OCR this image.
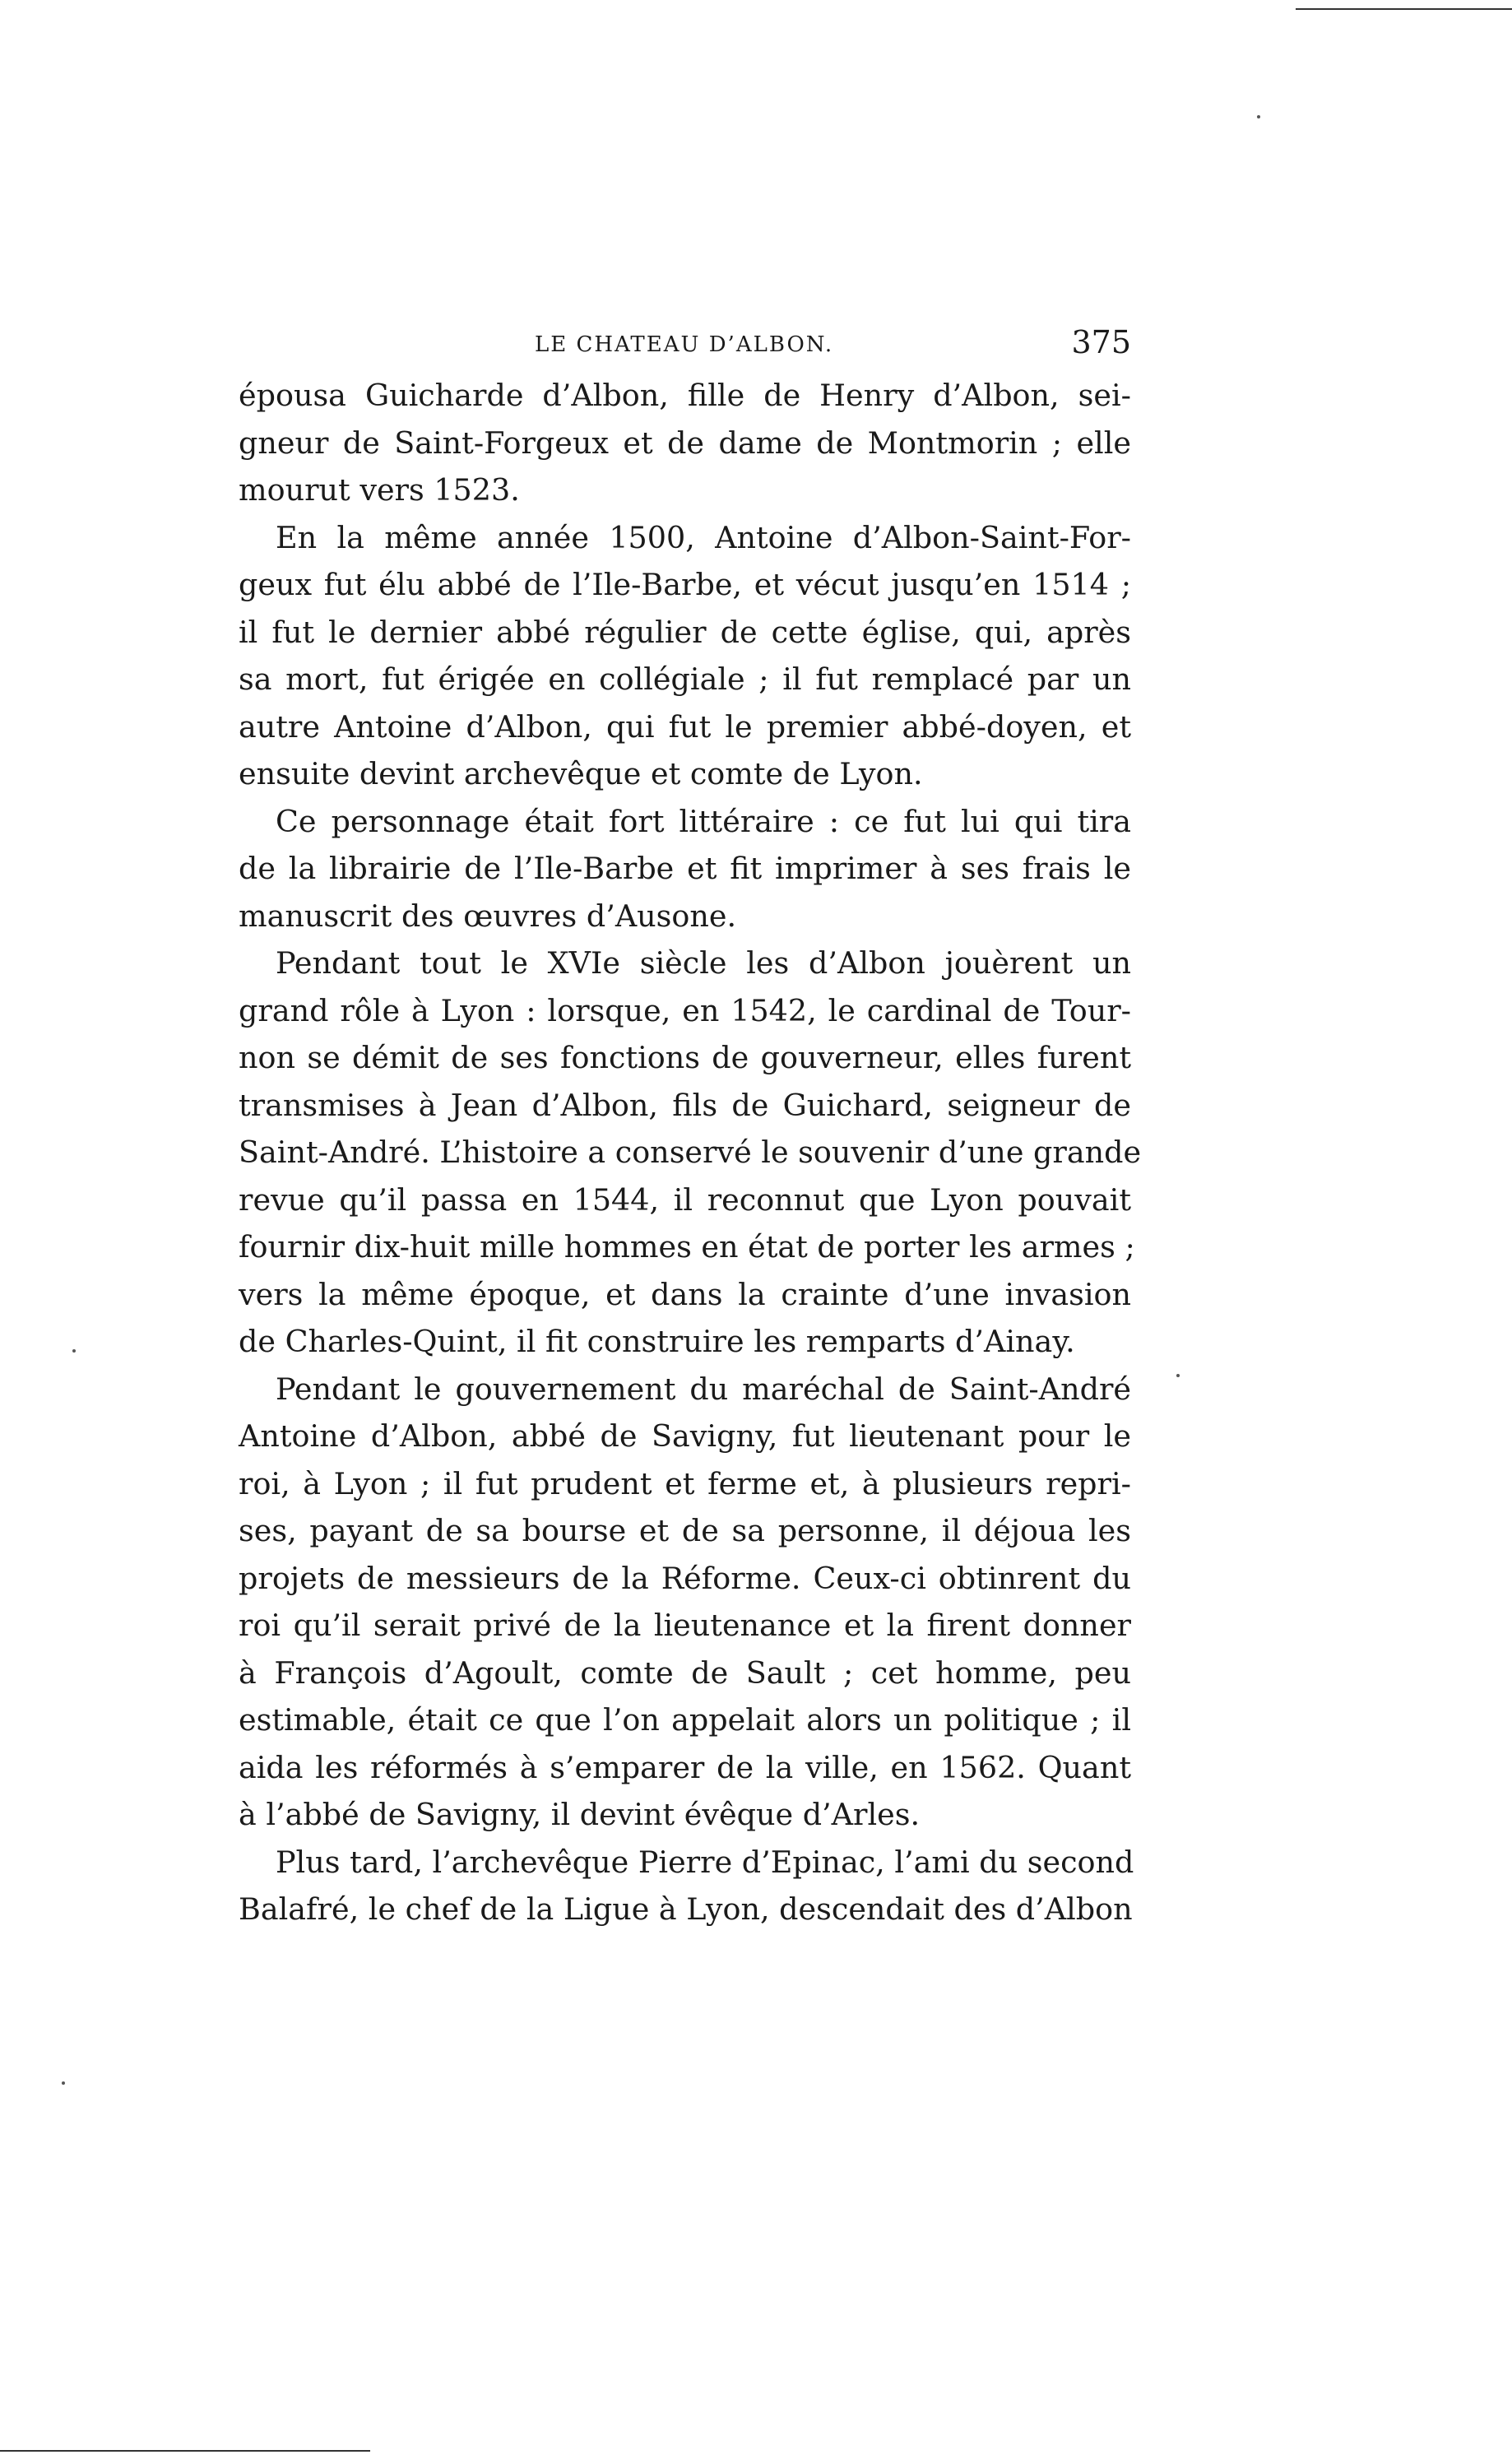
LE CHATEAU D’ALBON.	375

épousa Guicharde d’Albon, fille de Henry d’Albon, sei-
gneur de Saint-Forgeux et de dame de Montmorin ; elle
mourut vers 1523.

En la même année 1500, Antoine d’Albon-Saint-For-
geux fut élu abbé de l’Ile-Barbe, et vécut jusqu’en 1514 ;
il fut le dernier abbé régulier de cette église, qui, après
sa mort, fut érigée en collégiale ; il fut remplacé par un
autre Antoine d’Albon, qui fut le premier abbé-doyen, et
ensuite devint archevêque et comte de Lyon.

Ce personnage était fort littéraire : ce fut lui qui tira
de la librairie de l’Ile-Barbe et fit imprimer à ses frais le
manuscrit des œuvres d’Ausone.

Pendant tout le XVIe siècle les d’Albon jouèrent un
grand rôle à Lyon : lorsque, en 1542, le cardinal de Tour-
non se démit de ses fonctions de gouverneur, elles furent
transmises à Jean d’Albon, fils de Guichard, seigneur de
Saint-André. L’histoire a conservé le souvenir d’une grande
revue qu’il passa en 1544, il reconnut que Lyon pouvait
fournir dix-huit mille hommes en état de porter les armes ;
vers la même époque, et dans la crainte d’une invasion
de Charles-Quint, il fit construire les remparts d’Ainay.

Pendant le gouvernement du maréchal de Saint-André
Antoine d’Albon, abbé de Savigny, fut lieutenant pour le
roi, à Lyon ; il fut prudent et ferme et, à plusieurs repri-
ses, payant de sa bourse et de sa personne, il déjoua les
projets de messieurs de la Réforme. Ceux-ci obtinrent du
roi qu’il serait privé de la lieutenance et la firent donner
à François d’Agoult, comte de Sault ; cet homme, peu
estimable, était ce que l’on appelait alors un politique ; il
aida les réformés à s’emparer de la ville, en 1562. Quant
à l’abbé de Savigny, il devint évêque d’Arles.

Plus tard, l’archevêque Pierre d’Epinac, l’ami du second
Balafré, le chef de la Ligue à Lyon, descendait des d’Albon
